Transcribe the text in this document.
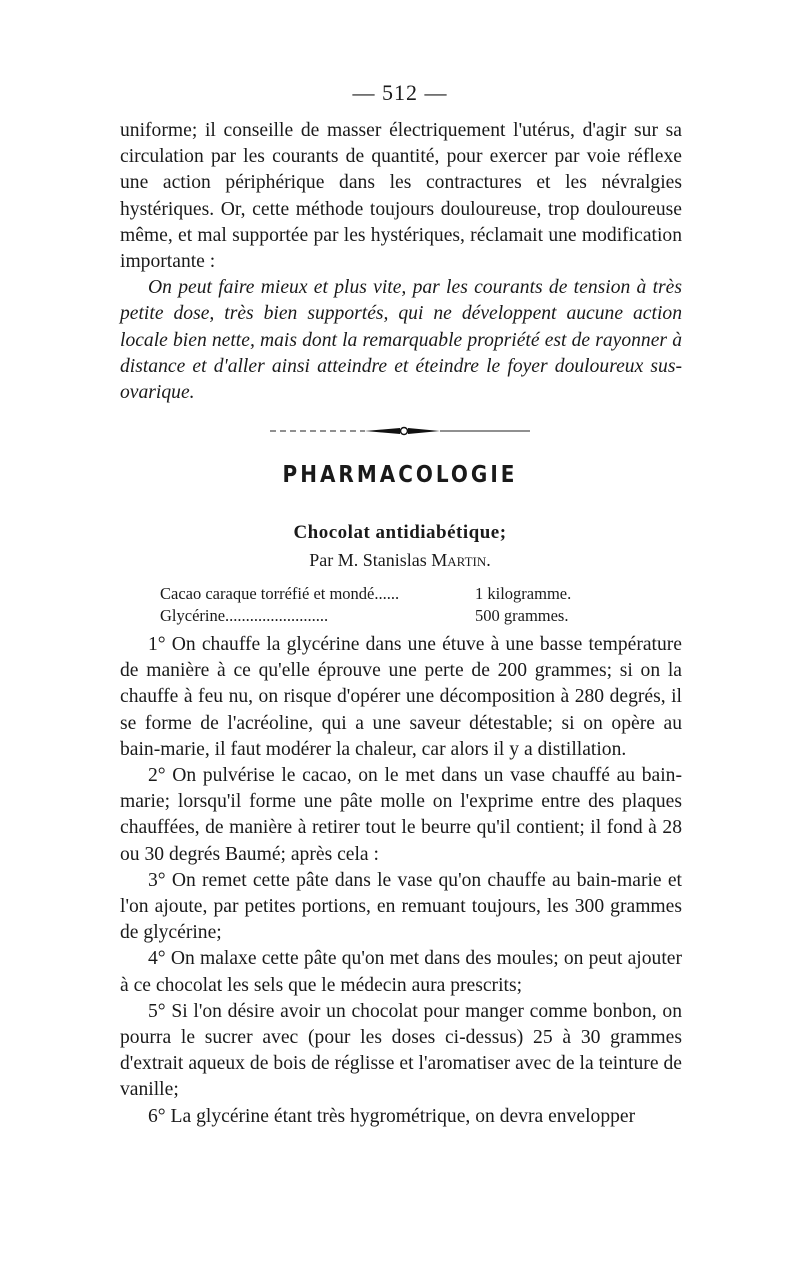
— 512 —

uniforme; il conseille de masser électriquement l'utérus, d'agir sur sa circulation par les courants de quantité, pour exercer par voie réflexe une action périphérique dans les contractures et les névralgies hystériques. Or, cette méthode toujours douloureuse, trop douloureuse même, et mal supportée par les hystériques, réclamait une modification importante :

On peut faire mieux et plus vite, par les courants de tension à très petite dose, très bien supportés, qui ne développent aucune action locale bien nette, mais dont la remarquable propriété est de rayonner à distance et d'aller ainsi atteindre et éteindre le foyer douloureux sus-ovarique.

PHARMACOLOGIE
Chocolat antidiabétique;
Par M. Stanislas Martin.
Cacao caraque torréfié et mondé......	1 kilogramme.
Glycérine.........................	500 grammes.

1° On chauffe la glycérine dans une étuve à une basse température de manière à ce qu'elle éprouve une perte de 200 grammes; si on la chauffe à feu nu, on risque d'opérer une décomposition à 280 degrés, il se forme de l'acréoline, qui a une saveur détestable; si on opère au bain-marie, il faut modérer la chaleur, car alors il y a distillation.

2° On pulvérise le cacao, on le met dans un vase chauffé au bain-marie; lorsqu'il forme une pâte molle on l'exprime entre des plaques chauffées, de manière à retirer tout le beurre qu'il contient; il fond à 28 ou 30 degrés Baumé; après cela :

3° On remet cette pâte dans le vase qu'on chauffe au bain-marie et l'on ajoute, par petites portions, en remuant toujours, les 300 grammes de glycérine;

4° On malaxe cette pâte qu'on met dans des moules; on peut ajouter à ce chocolat les sels que le médecin aura prescrits;

5° Si l'on désire avoir un chocolat pour manger comme bonbon, on pourra le sucrer avec (pour les doses ci-dessus) 25 à 30 grammes d'extrait aqueux de bois de réglisse et l'aromatiser avec de la teinture de vanille;

6° La glycérine étant très hygrométrique, on devra envelopper
